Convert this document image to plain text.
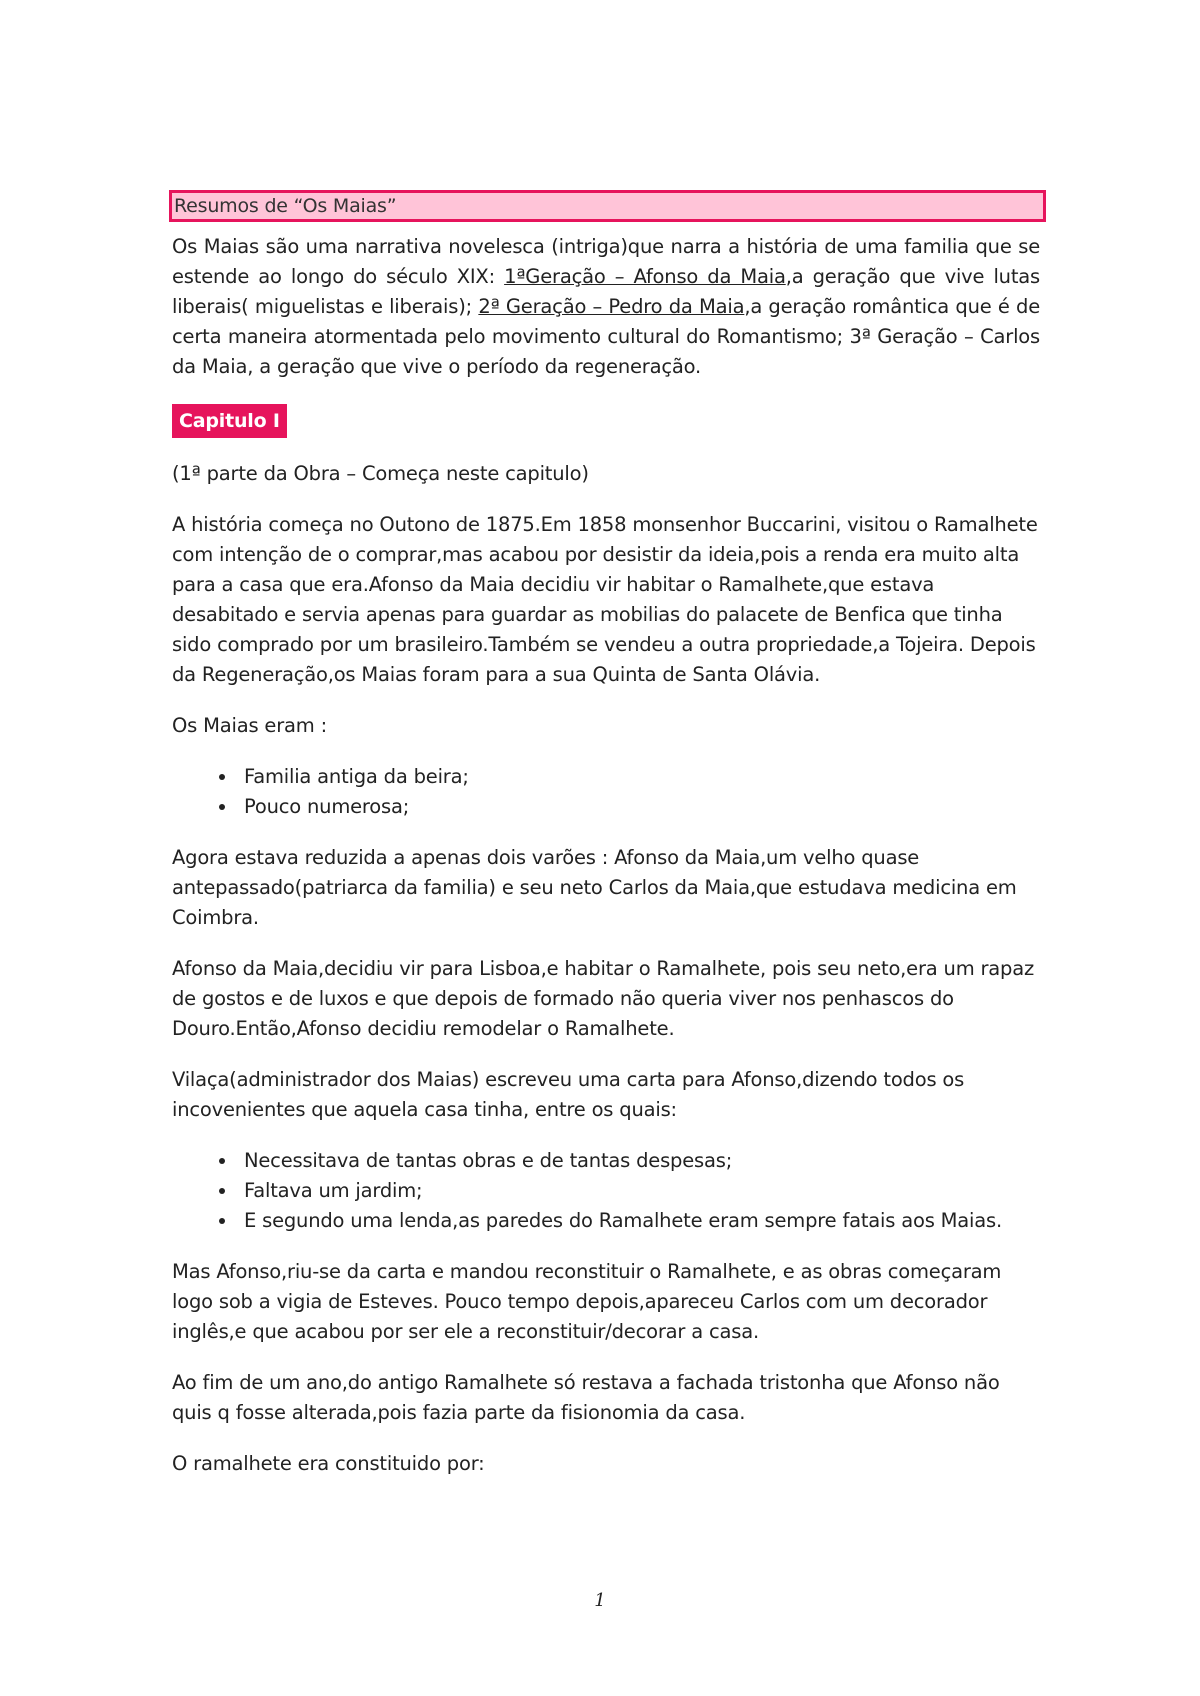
Resumos de “Os Maias”

Os Maias são uma narrativa novelesca (intriga)que narra a história de uma familia que se estende ao longo do século XIX: 1ªGeração – Afonso da Maia,a geração que vive lutas liberais( miguelistas e liberais); 2ª Geração – Pedro da Maia,a geração romântica que é de certa maneira atormentada pelo movimento cultural do Romantismo; 3ª Geração – Carlos da Maia, a geração que vive o período da regeneração.

Capitulo I

(1ª parte da Obra – Começa neste capitulo)

A história começa no Outono de 1875.Em 1858 monsenhor Buccarini, visitou o Ramalhete com intenção de o comprar,mas acabou por desistir da ideia,pois a renda era muito alta para a casa que era.Afonso da Maia decidiu vir habitar o Ramalhete,que estava desabitado e servia apenas para guardar as mobilias do palacete de Benfica que tinha sido comprado por um brasileiro.Também se vendeu a outra propriedade,a Tojeira. Depois da Regeneração,os Maias foram para a sua Quinta de Santa Olávia.

Os Maias eram :

Familia antiga da beira;
Pouco numerosa;

Agora estava reduzida a apenas dois varões : Afonso da Maia,um velho quase antepassado(patriarca da familia) e seu neto Carlos da Maia,que estudava medicina em Coimbra.

Afonso da Maia,decidiu vir para Lisboa,e habitar o Ramalhete, pois seu neto,era um rapaz de gostos e de luxos e que depois de formado não queria viver nos penhascos do Douro.Então,Afonso decidiu remodelar o Ramalhete.

Vilaça(administrador dos Maias) escreveu uma carta para Afonso,dizendo todos os incovenientes que aquela casa tinha, entre os quais:

Necessitava de tantas obras e de tantas despesas;
Faltava um jardim;
E segundo uma lenda,as paredes do Ramalhete eram sempre fatais aos Maias.

Mas Afonso,riu-se da carta e mandou reconstituir o Ramalhete, e as obras começaram logo sob a vigia de Esteves. Pouco tempo depois,apareceu Carlos com um decorador inglês,e que acabou por ser ele a reconstituir/decorar a casa.

Ao fim de um ano,do antigo Ramalhete só restava a fachada tristonha que Afonso não quis q fosse alterada,pois fazia parte da fisionomia da casa.

O ramalhete era constituido por:

1
